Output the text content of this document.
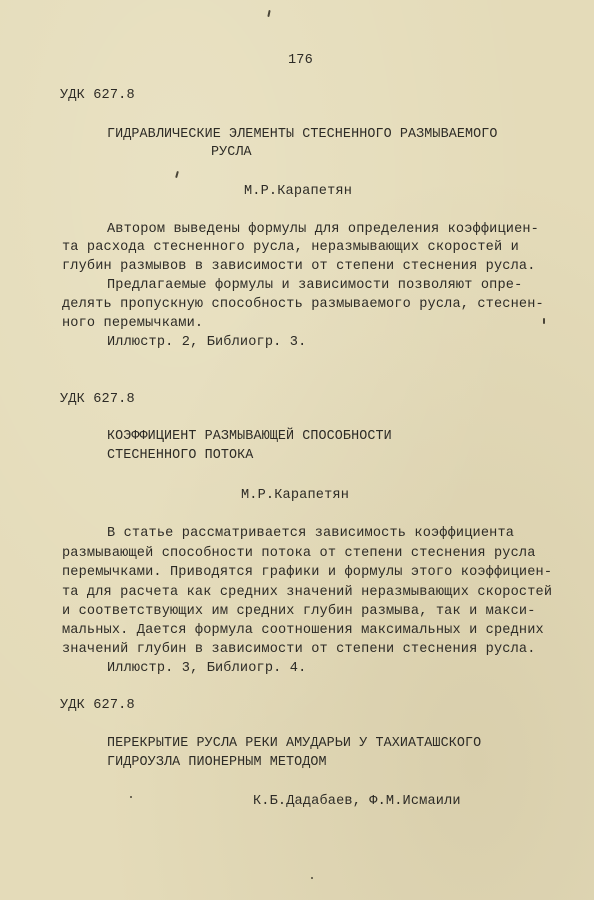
176
УДК 627.8
ГИДРАВЛИЧЕСКИЕ ЭЛЕМЕНТЫ СТЕСНЕННОГО РАЗМЫВАЕМОГО
РУСЛА
М.Р.Карапетян
Автором выведены формулы для определения коэффициен-
та расхода стесненного русла, неразмывающих скоростей и
глубин размывов в зависимости от степени стеснения русла.
Предлагаемые формулы и зависимости позволяют опре-
делять пропускную способность размываемого русла, стеснен-
ного перемычками.
Иллюстр. 2, Библиогр. 3.
УДК 627.8
КОЭФФИЦИЕНТ РАЗМЫВАЮЩЕЙ СПОСОБНОСТИ
СТЕСНЕННОГО ПОТОКА
М.Р.Карапетян
В статье рассматривается зависимость коэффициента
размывающей способности потока от степени стеснения русла
перемычками. Приводятся графики и формулы этого коэффициен-
та для расчета как средних значений неразмывающих скоростей
и соответствующих им средних глубин размыва, так и макси-
мальных. Дается формула соотношения максимальных и средних
значений глубин в зависимости от степени стеснения русла.
Иллюстр. 3, Библиогр. 4.
УДК 627.8
ПЕРЕКРЫТИЕ РУСЛА РЕКИ АМУДАРЬИ У ТАХИАТАШСКОГО
ГИДРОУЗЛА ПИОНЕРНЫМ МЕТОДОМ
К.Б.Дадабаев, Ф.М.Исмаили
